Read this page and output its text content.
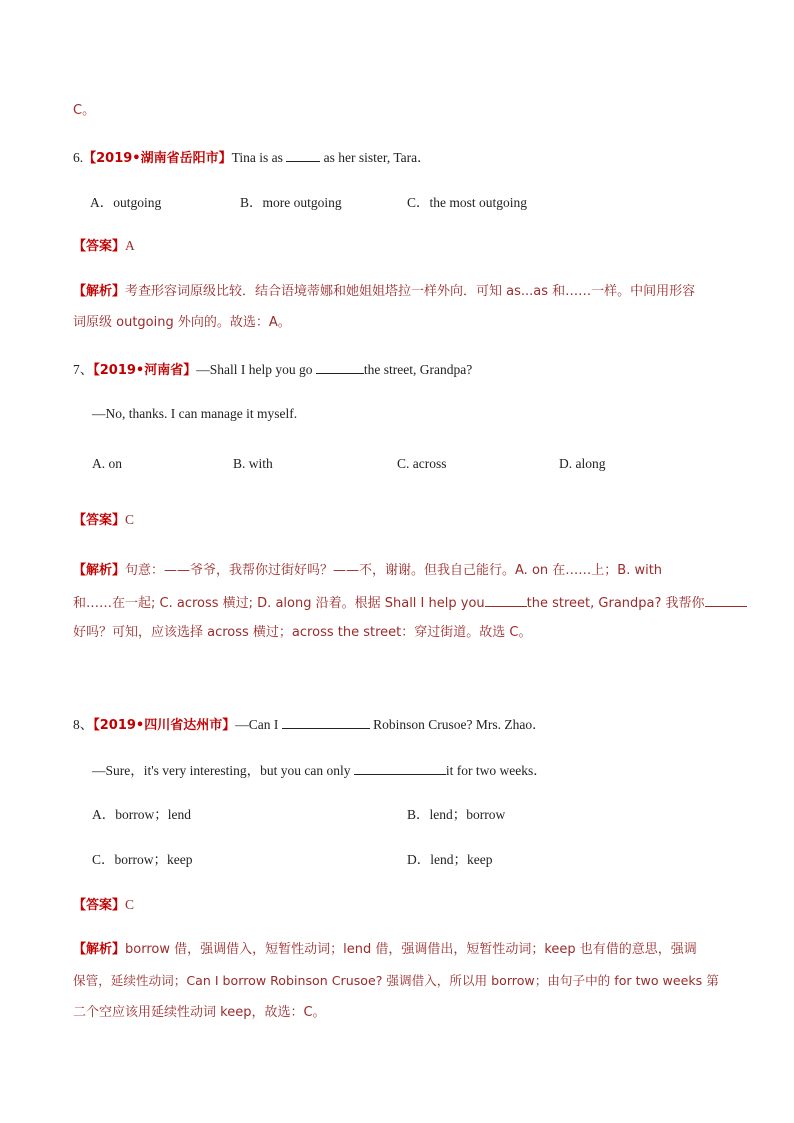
C。
6.【2019•湖南省岳阳市】Tina is as	as her sister, Tara．
A．outgoing	B．more outgoing	C．the most outgoing
【答案】A
【解析】考查形容词原级比较．结合语境蒂娜和她姐姐塔拉一样外向．可知 as...as 和……一样。中间用形容
词原级 outgoing 外向的。故选：A。
7、【2019•河南省】—Shall I help you go	the street, Grandpa?
—No, thanks. I can manage it myself.
A. on	B. with	C. across	D. along
【答案】C
【解析】句意：——爷爷，我帮你过街好吗？——不，谢谢。但我自己能行。A. on 在……上；B. with
和……在一起; C. across 横过; D. along 沿着。根据 Shall I help you	the street, Grandpa? 我帮你
好吗？可知，应该选择 across 横过；across the street：穿过街道。故选 C。
8、【2019•四川省达州市】—Can I	Robinson Crusoe? Mrs. Zhao．
—Sure，it's very interesting，but you can only	it for two weeks．
A．borrow；lend	B．lend；borrow
C．borrow；keep	D．lend；keep
【答案】C
【解析】borrow 借，强调借入，短暂性动词；lend 借，强调借出，短暂性动词；keep 也有借的意思，强调
保管，延续性动词；Can I borrow Robinson Crusoe? 强调借入，所以用 borrow；由句子中的 for two weeks 第
二个空应该用延续性动词 keep，故选：C。
